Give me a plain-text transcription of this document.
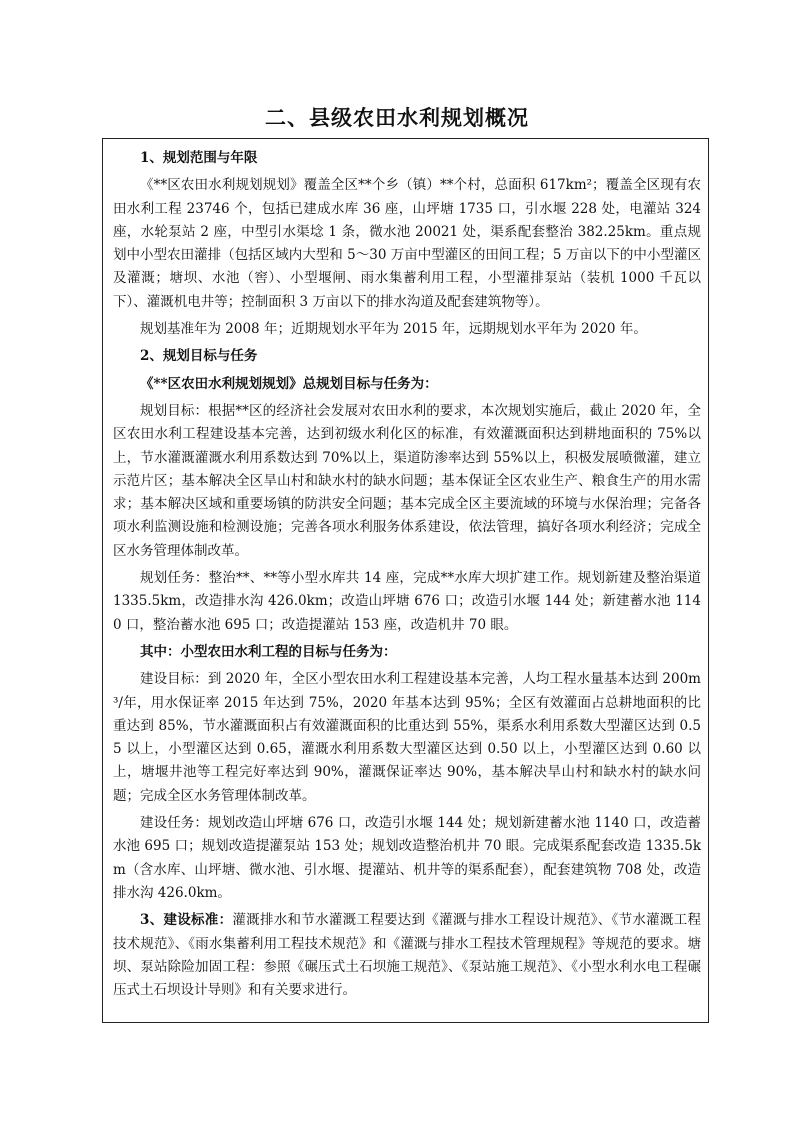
二、县级农田水利规划概况
1、规划范围与年限
《**区农田水利规划规划》覆盖全区**个乡（镇）**个村，总面积 617km²；覆盖全区现有农田水利工程 23746 个，包括已建成水库 36 座，山坪塘 1735 口，引水堰 228 处，电灌站 324 座，水轮泵站 2 座，中型引水渠埝 1 条，微水池 20021 处，渠系配套整治 382.25km。重点规划中小型农田灌排（包括区域内大型和 5～30 万亩中型灌区的田间工程；5 万亩以下的中小型灌区及灌溉；塘坝、水池（窖）、小型堰闸、雨水集蓄利用工程，小型灌排泵站（装机 1000 千瓦以下）、灌溉机电井等；控制面积 3 万亩以下的排水沟道及配套建筑物等）。
规划基准年为 2008 年；近期规划水平年为 2015 年，远期规划水平年为 2020 年。
2、规划目标与任务
《**区农田水利规划规划》总规划目标与任务为：
规划目标：根据**区的经济社会发展对农田水利的要求，本次规划实施后，截止 2020 年，全区农田水利工程建设基本完善，达到初级水利化区的标准，有效灌溉面积达到耕地面积的 75%以上，节水灌溉灌溉水利用系数达到 70%以上，渠道防渗率达到 55%以上，积极发展喷微灌，建立示范片区；基本解决全区旱山村和缺水村的缺水问题；基本保证全区农业生产、粮食生产的用水需求；基本解决区域和重要场镇的防洪安全问题；基本完成全区主要流域的环境与水保治理；完备各项水利监测设施和检测设施；完善各项水利服务体系建设，依法管理，搞好各项水利经济；完成全区水务管理体制改革。
规划任务：整治**、**等小型水库共 14 座，完成**水库大坝扩建工作。规划新建及整治渠道 1335.5km，改造排水沟 426.0km；改造山坪塘 676 口；改造引水堰 144 处；新建蓄水池 1140 口，整治蓄水池 695 口；改造提灌站 153 座，改造机井 70 眼。
其中：小型农田水利工程的目标与任务为：
建设目标：到 2020 年，全区小型农田水利工程建设基本完善，人均工程水量基本达到 200m³/年，用水保证率 2015 年达到 75%，2020 年基本达到 95%；全区有效灌面占总耕地面积的比重达到 85%，节水灌溉面积占有效灌溉面积的比重达到 55%，渠系水利用系数大型灌区达到 0.55 以上，小型灌区达到 0.65，灌溉水利用系数大型灌区达到 0.50 以上，小型灌区达到 0.60 以上，塘堰井池等工程完好率达到 90%，灌溉保证率达 90%，基本解决旱山村和缺水村的缺水问题；完成全区水务管理体制改革。
建设任务：规划改造山坪塘 676 口，改造引水堰 144 处；规划新建蓄水池 1140 口，改造蓄水池 695 口；规划改造提灌泵站 153 处；规划改造整治机井 70 眼。完成渠系配套改造 1335.5km（含水库、山坪塘、微水池、引水堰、提灌站、机井等的渠系配套），配套建筑物 708 处，改造排水沟 426.0km。
3、建设标准：灌溉排水和节水灌溉工程要达到《灌溉与排水工程设计规范》、《节水灌溉工程技术规范》、《雨水集蓄利用工程技术规范》和《灌溉与排水工程技术管理规程》等规范的要求。塘坝、泵站除险加固工程：参照《碾压式土石坝施工规范》、《泵站施工规范》、《小型水利水电工程碾压式土石坝设计导则》和有关要求进行。
